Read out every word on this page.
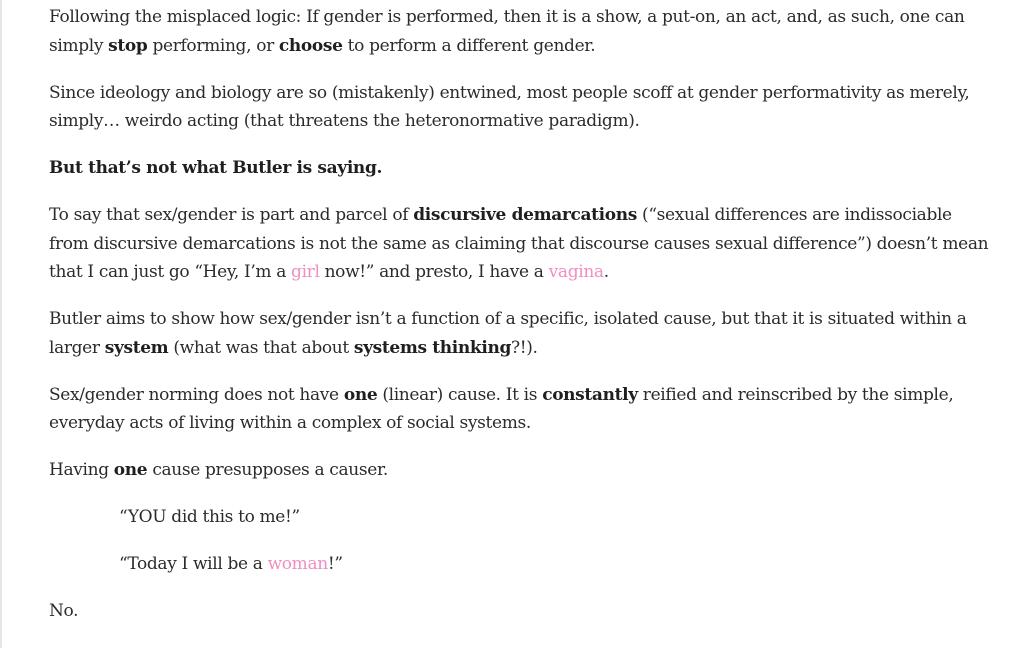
Following the misplaced logic: If gender is performed, then it is a show, a put-on, an act, and, as such, one can simply stop performing, or choose to perform a different gender.

Since ideology and biology are so (mistakenly) entwined, most people scoff at gender performativity as merely, simply… weirdo acting (that threatens the heteronormative paradigm).

But that’s not what Butler is saying.

To say that sex/gender is part and parcel of discursive demarcations (“sexual differences are indissociable from discursive demarcations is not the same as claiming that discourse causes sexual difference”) doesn’t mean that I can just go “Hey, I’m a girl now!” and presto, I have a vagina.

Butler aims to show how sex/gender isn’t a function of a specific, isolated cause, but that it is situated within a larger system (what was that about systems thinking?!).

Sex/gender norming does not have one (linear) cause. It is constantly reified and reinscribed by the simple, everyday acts of living within a complex of social systems.

Having one cause presupposes a causer.

“YOU did this to me!”
“Today I will be a woman!”

No.
